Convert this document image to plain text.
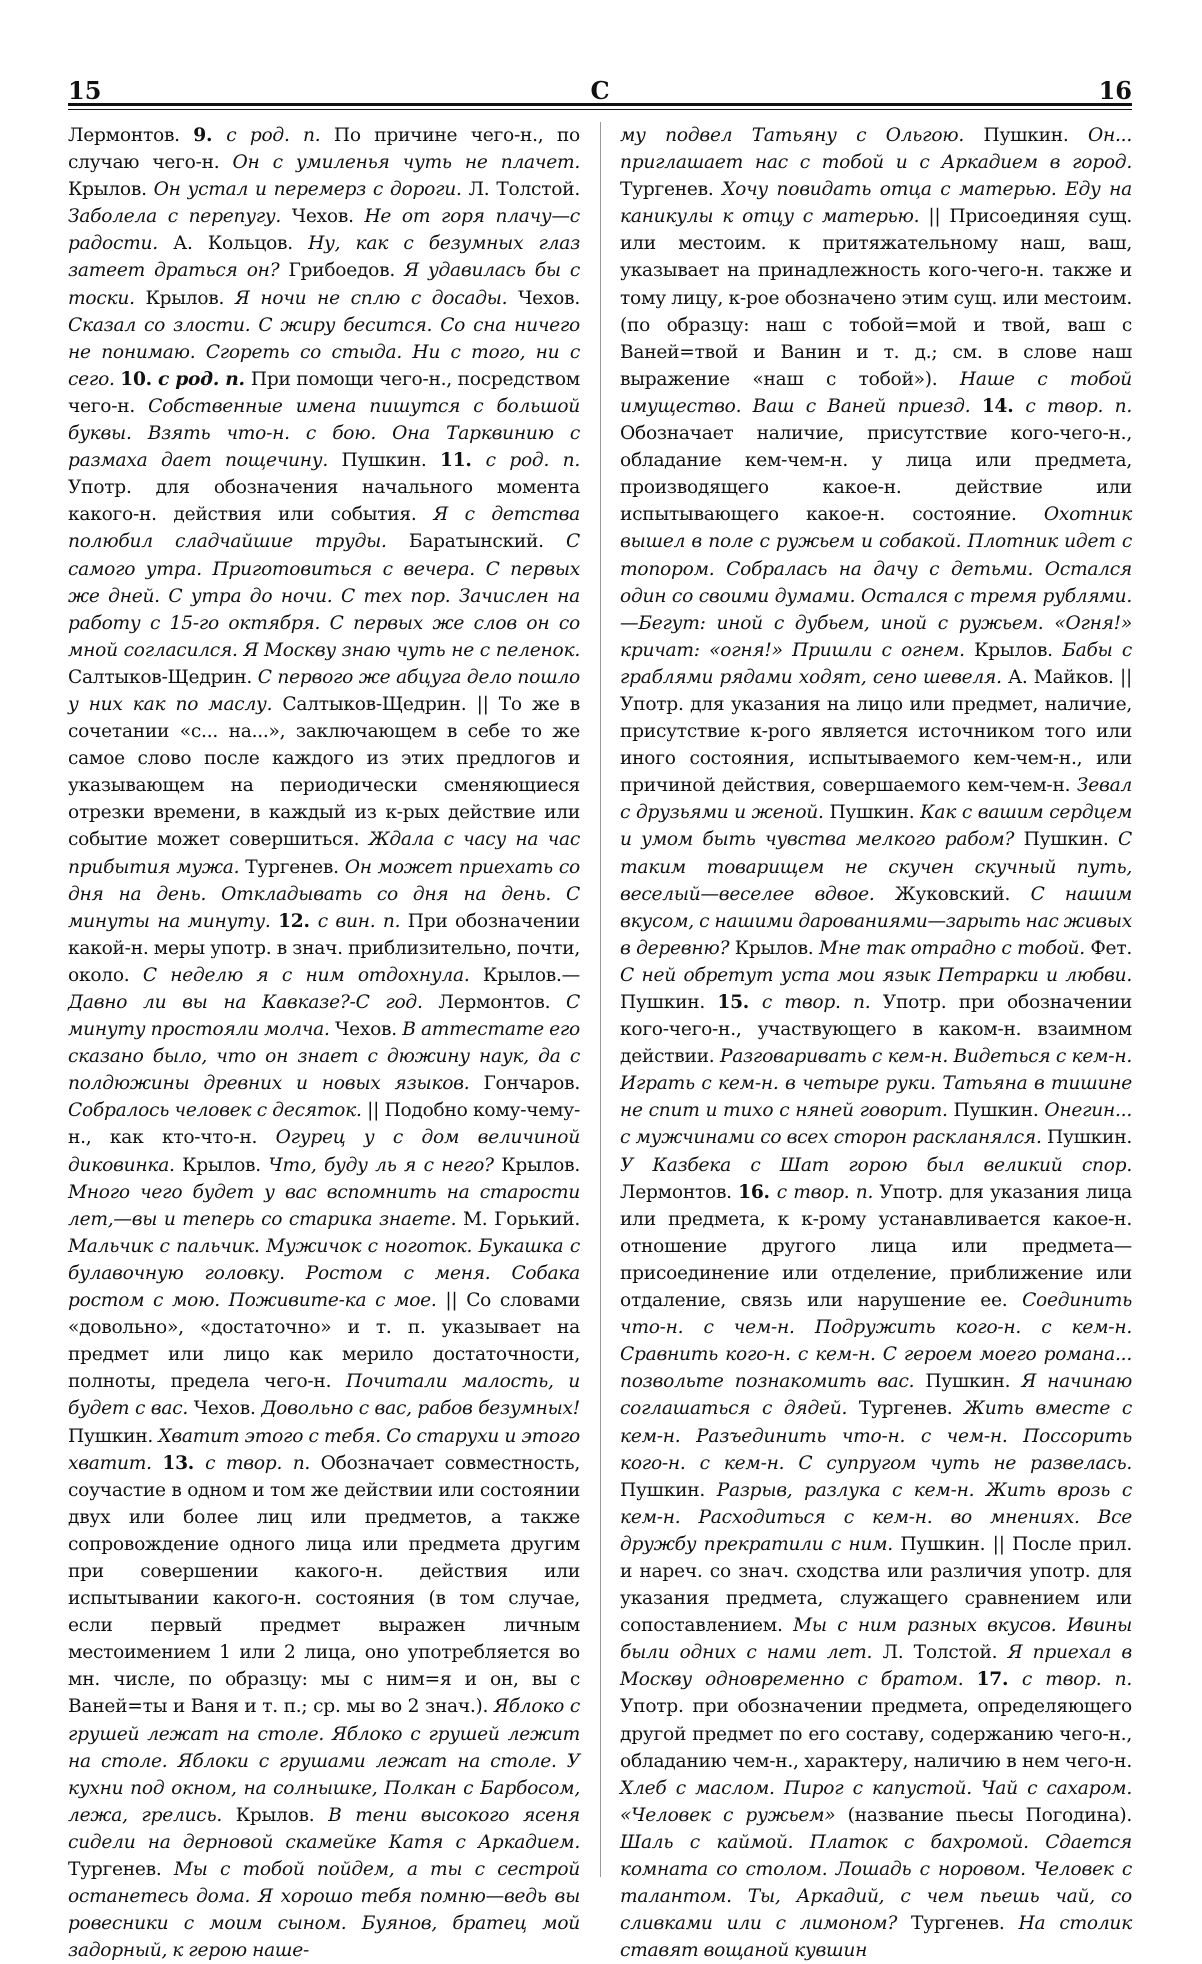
15	С	16

Лермонтов. 9. с род. п. По причине чего-н., по случаю чего-н. Он с умиленья чуть не плачет. Крылов. Он устал и перемерз с дороги. Л. Толстой. Заболела с перепугу. Чехов. Не от горя плачу—с радости. А. Кольцов. Ну, как с безумных глаз затеет драться он? Грибоедов. Я удавилась бы с тоски. Крылов. Я ночи не сплю с досады. Чехов. Сказал со злости. С жиру бесится. Со сна ничего не понимаю. Сгореть со стыда. Ни с того, ни с сего. 10. с род. п. При помощи чего-н., посредством чего-н. Собственные имена пишутся с большой буквы. Взять что-н. с бою. Она Тарквинию с размаха дает пощечину. Пушкин. 11. с род. п. Употр. для обозначения начального момента какого-н. действия или события. Я с детства полюбил сладчайшие труды. Баратынский. С самого утра. Приготовиться с вечера. С первых же дней. С утра до ночи. С тех пор. Зачислен на работу с 15-го октября. С первых же слов он со мной согласился. Я Москву знаю чуть не с пеленок. Салтыков-Щедрин. С первого же абцуга дело пошло у них как по маслу. Салтыков-Щедрин. || То же в сочетании «с... на...», заключающем в себе то же самое слово после каждого из этих предлогов и указывающем на периодически сменяющиеся отрезки времени, в каждый из к-рых действие или событие может совершиться. Ждала с часу на час прибытия мужа. Тургенев. Он может приехать со дня на день. Откладывать со дня на день. С минуты на минуту. 12. с вин. п. При обозначении какой-н. меры употр. в знач. приблизительно, почти, около. С неделю я с ним отдохнула. Крылов.—Давно ли вы на Кавказе?-С год. Лермонтов. С минуту простояли молча. Чехов. В аттестате его сказано было, что он знает с дюжину наук, да с полдюжины древних и новых языков. Гончаров. Собралось человек с десяток. || Подобно кому-чему-н., как кто-что-н. Огурец у с дом величиной диковинка. Крылов. Что, буду ль я с него? Крылов. Много чего будет у вас вспомнить на старости лет,—вы и теперь со старика знаете. М. Горький. Мальчик с пальчик. Мужичок с ноготок. Букашка с булавочную головку. Ростом с меня. Собака ростом с мою. Поживите-ка с мое. || Со словами «довольно», «достаточно» и т. п. указывает на предмет или лицо как мерило достаточности, полноты, предела чего-н. Почитали малость, и будет с вас. Чехов. Довольно с вас, рабов безумных! Пушкин. Хватит этого с тебя. Со старухи и этого хватит. 13. с твор. п. Обозначает совместность, соучастие в одном и том же действии или состоянии двух или более лиц или предметов, а также сопровождение одного лица или предмета другим при совершении какого-н. действия или испытывании какого-н. состояния (в том случае, если первый предмет выражен личным местоимением 1 или 2 лица, оно употребляется во мн. числе, по образцу: мы с ним=я и он, вы с Ваней=ты и Ваня и т. п.; ср. мы во 2 знач.). Яблоко с грушей лежат на столе. Яблоко с грушей лежит на столе. Яблоки с грушами лежат на столе. У кухни под окном, на солнышке, Полкан с Барбосом, лежа, грелись. Крылов. В тени высокого ясеня сидели на дерновой скамейке Катя с Аркадием. Тургенев. Мы с тобой пойдем, а ты с сестрой останетесь дома. Я хорошо тебя помню—ведь вы ровесники с моим сыном. Буянов, братец мой задорный, к герою наше-

му подвел Татьяну с Ольгою. Пушкин. Он... приглашает нас с тобой и с Аркадием в город. Тургенев. Хочу повидать отца с матерью. Еду на каникулы к отцу с матерью. || Присоединяя сущ. или местоим. к притяжательному наш, ваш, указывает на принадлежность кого-чего-н. также и тому лицу, к-рое обозначено этим сущ. или местоим. (по образцу: наш с тобой=мой и твой, ваш с Ваней=твой и Ванин и т. д.; см. в слове наш выражение «наш с тобой»). Наше с тобой имущество. Ваш с Ваней приезд. 14. с твор. п. Обозначает наличие, присутствие кого-чего-н., обладание кем-чем-н. у лица или предмета, производящего какое-н. действие или испытывающего какое-н. состояние. Охотник вышел в поле с ружьем и собакой. Плотник идет с топором. Собралась на дачу с детьми. Остался один со своими думами. Остался с тремя рублями.—Бегут: иной с дубьем, иной с ружьем. «Огня!» кричат: «огня!» Пришли с огнем. Крылов. Бабы с граблями рядами ходят, сено шевеля. А. Майков. || Употр. для указания на лицо или предмет, наличие, присутствие к-рого является источником того или иного состояния, испытываемого кем-чем-н., или причиной действия, совершаемого кем-чем-н. Зевал с друзьями и женой. Пушкин. Как с вашим сердцем и умом быть чувства мелкого рабом? Пушкин. С таким товарищем не скучен скучный путь, веселый—веселее вдвое. Жуковский. С нашим вкусом, с нашими дарованиями—зарыть нас живых в деревню? Крылов. Мне так отрадно с тобой. Фет. С ней обретут уста мои язык Петрарки и любви. Пушкин. 15. с твор. п. Употр. при обозначении кого-чего-н., участвующего в каком-н. взаимном действии. Разговаривать с кем-н. Видеться с кем-н. Играть с кем-н. в четыре руки. Татьяна в тишине не спит и тихо с няней говорит. Пушкин. Онегин... с мужчинами со всех сторон раскланялся. Пушкин. У Казбека с Шат горою был великий спор. Лермонтов. 16. с твор. п. Употр. для указания лица или предмета, к к-рому устанавливается какое-н. отношение другого лица или предмета—присоединение или отделение, приближение или отдаление, связь или нарушение ее. Соединить что-н. с чем-н. Подружить кого-н. с кем-н. Сравнить кого-н. с кем-н. С героем моего романа... позвольте познакомить вас. Пушкин. Я начинаю соглашаться с дядей. Тургенев. Жить вместе с кем-н. Разъединить что-н. с чем-н. Поссорить кого-н. с кем-н. С супругом чуть не развелась. Пушкин. Разрыв, разлука с кем-н. Жить врозь с кем-н. Расходиться с кем-н. во мнениях. Все дружбу прекратили с ним. Пушкин. || После прил. и нареч. со знач. сходства или различия употр. для указания предмета, служащего сравнением или сопоставлением. Мы с ним разных вкусов. Ивины были одних с нами лет. Л. Толстой. Я приехал в Москву одновременно с братом. 17. с твор. п. Употр. при обозначении предмета, определяющего другой предмет по его составу, содержанию чего-н., обладанию чем-н., характеру, наличию в нем чего-н. Хлеб с маслом. Пирог с капустой. Чай с сахаром. «Человек с ружьем» (название пьесы Погодина). Шаль с каймой. Платок с бахромой. Сдается комната со столом. Лошадь с норовом. Человек с талантом. Ты, Аркадий, с чем пьешь чай, со сливками или с лимоном? Тургенев. На столик ставят вощаной кувшин
